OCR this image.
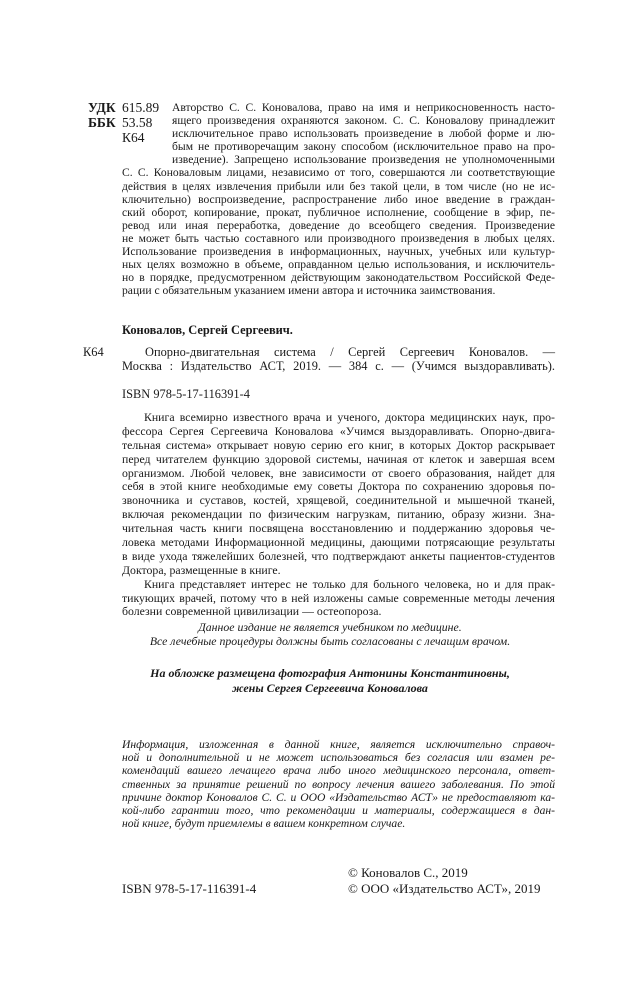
УДК 615.89
ББК 53.58
К64
Авторство С. С. Коновалова, право на имя и неприкосновенность насто-
ящего произведения охраняются законом. С. С. Коновалову принадлежит
исключительное право использовать произведение в любой форме и лю-
бым не противоречащим закону способом (исключительное право на про-
изведение). Запрещено использование произведения не уполномоченными
С. С. Коноваловым лицами, независимо от того, совершаются ли соответствующие
действия в целях извлечения прибыли или без такой цели, в том числе (но не ис-
ключительно) воспроизведение, распространение либо иное введение в граждан-
ский оборот, копирование, прокат, публичное исполнение, сообщение в эфир, пе-
ревод или иная переработка, доведение до всеобщего сведения. Произведение
не может быть частью составного или производного произведения в любых целях.
Использование произведения в информационных, научных, учебных или культур-
ных целях возможно в объеме, оправданном целью использования, и исключитель-
но в порядке, предусмотренном действующим законодательством Российской Феде-
рации с обязательным указанием имени автора и источника заимствования.
Коновалов, Сергей Сергеевич.
К64	Опорно-двигательная система / Сергей Сергеевич Коновалов. —
Москва : Издательство АСТ, 2019. — 384 с. — (Учимся выздоравливать).
ISBN 978-5-17-116391-4
Книга всемирно известного врача и ученого, доктора медицинских наук, про-
фессора Сергея Сергеевича Коновалова «Учимся выздоравливать. Опорно-двига-
тельная система» открывает новую серию его книг, в которых Доктор раскрывает
перед читателем функцию здоровой системы, начиная от клеток и завершая всем
организмом. Любой человек, вне зависимости от своего образования, найдет для
себя в этой книге необходимые ему советы Доктора по сохранению здоровья по-
звоночника и суставов, костей, хрящевой, соединительной и мышечной тканей,
включая рекомендации по физическим нагрузкам, питанию, образу жизни. Зна-
чительная часть книги посвящена восстановлению и поддержанию здоровья че-
ловека методами Информационной медицины, дающими потрясающие результаты
в виде ухода тяжелейших болезней, что подтверждают анкеты пациентов-студентов
Доктора, размещенные в книге.
Книга представляет интерес не только для больного человека, но и для прак-
тикующих врачей, потому что в ней изложены самые современные методы лечения
болезни современной цивилизации — остеопороза.
Данное издание не является учебником по медицине.
Все лечебные процедуры должны быть согласованы с лечащим врачом.
На обложке размещена фотография Антонины Константиновны,
жены Сергея Сергеевича Коновалова
Информация, изложенная в данной книге, является исключительно справоч-
ной и дополнительной и не может использоваться без согласия или взамен ре-
комендаций вашего лечащего врача либо иного медицинского персонала, ответ-
ственных за принятие решений по вопросу лечения вашего заболевания. По этой
причине доктор Коновалов С. С. и ООО «Издательство АСТ» не предоставляют ка-
кой-либо гарантии того, что рекомендации и материалы, содержащиеся в дан-
ной книге, будут приемлемы в вашем конкретном случае.
ISBN 978-5-17-116391-4
© Коновалов С., 2019
© ООО «Издательство АСТ», 2019
